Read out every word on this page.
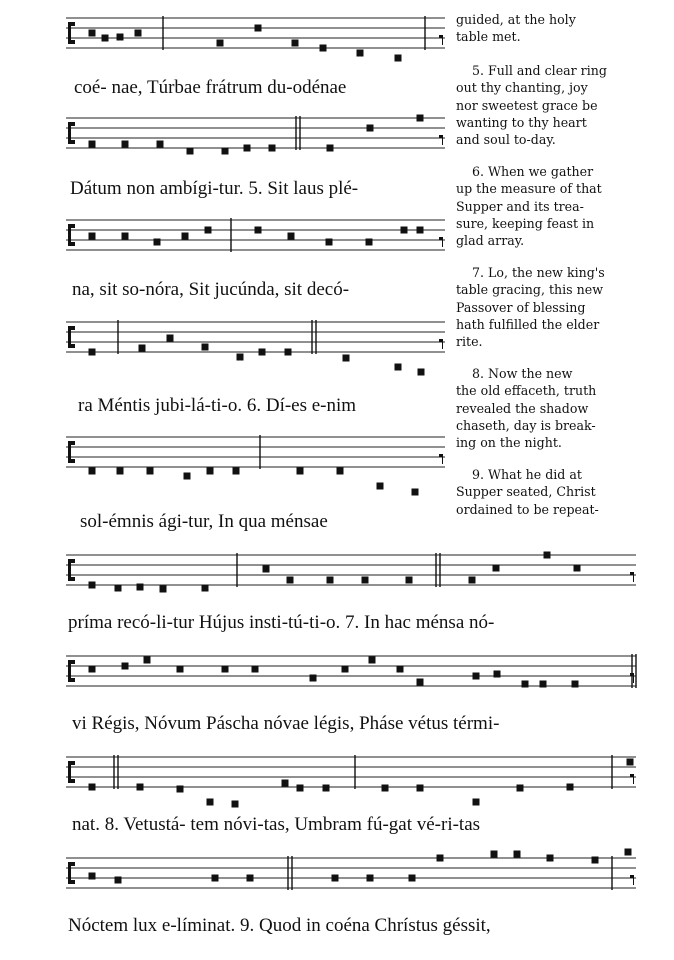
coé- nae, Túrbae frátrum du-odénae
Dátum non ambígi-tur. 5. Sit laus plé-
na, sit so-nóra, Sit jucúnda, sit decó-
ra Méntis jubi-lá-ti-o. 6. Dí-es e-nim
sol-émnis ági-tur, In qua ménsae
príma recó-li-tur Hújus insti-tú-ti-o. 7. In hac ménsa nó-
vi Régis, Nóvum Páscha nóvae légis, Pháse vétus térmi-
nat. 8. Vetustá- tem nóvi-tas, Umbram fú-gat vé-ri-tas
Nóctem lux e-líminat. 9. Quod in coéna Chrístus géssit,

guided, at the holy

table met.

5. Full and clear ring

out thy chanting, joy

nor sweetest grace be

wanting to thy heart

and soul to-day.

6. When we gather

up the measure of that

Supper and its trea-

sure, keeping feast in

glad array.

7. Lo, the new king's

table gracing, this new

Passover of blessing

hath fulfilled the elder

rite.

8. Now the new

the old effaceth, truth

revealed the shadow

chaseth, day is break-

ing on the night.

9. What he did at

Supper seated, Christ

ordained to be repeat-
